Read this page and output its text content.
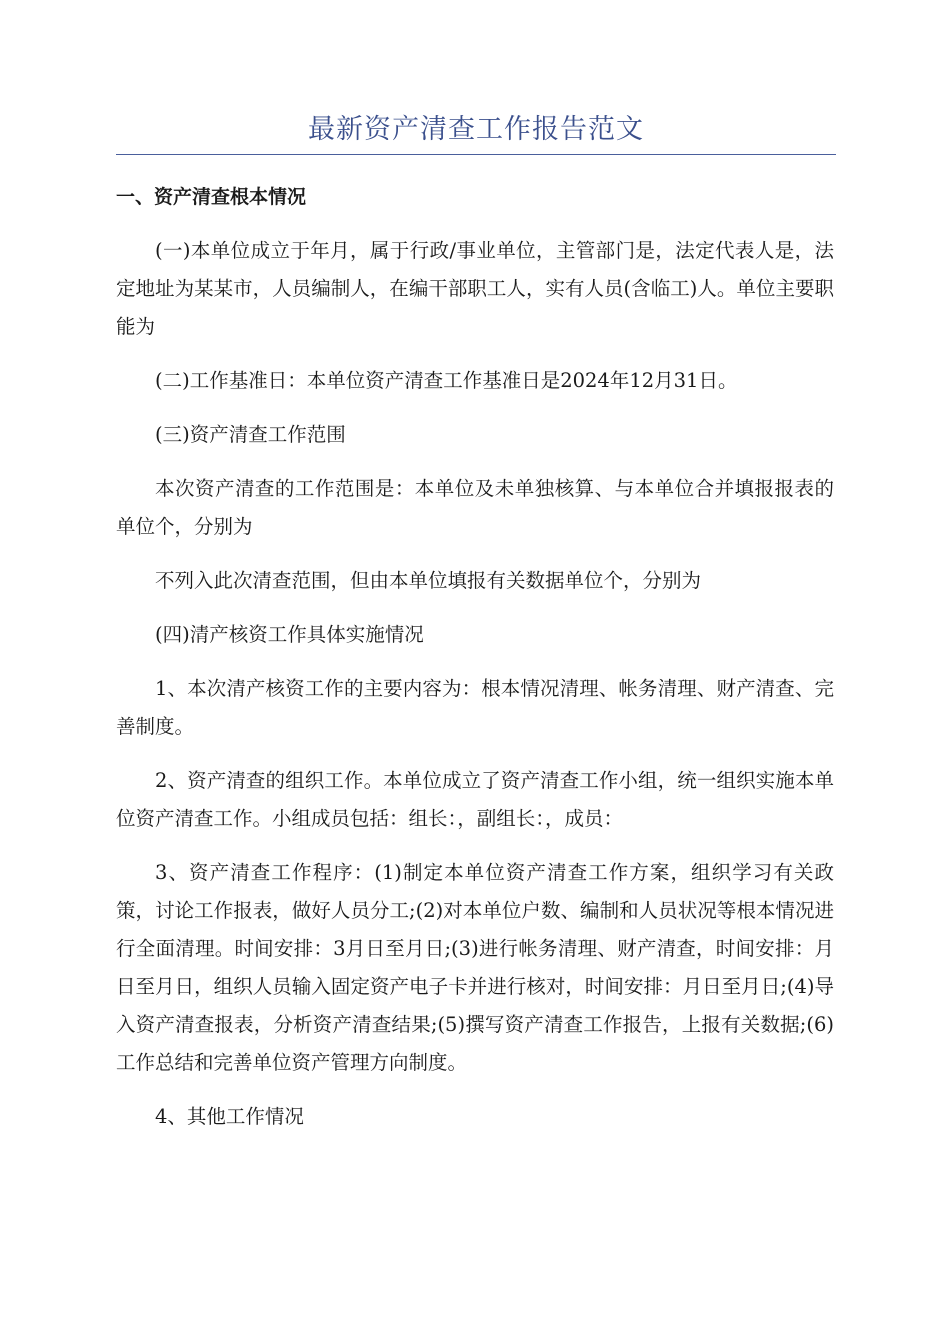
最新资产清查工作报告范文

一、资产清查根本情况

(一)本单位成立于年月，属于行政/事业单位，主管部门是，法定代表人是，法定地址为某某市，人员编制人，在编干部职工人，实有人员(含临工)人。单位主要职能为

(二)工作基准日：本单位资产清查工作基准日是2024年12月31日。

(三)资产清查工作范围

本次资产清查的工作范围是：本单位及未单独核算、与本单位合并填报报表的单位个，分别为

不列入此次清查范围，但由本单位填报有关数据单位个，分别为

(四)清产核资工作具体实施情况

1、本次清产核资工作的主要内容为：根本情况清理、帐务清理、财产清查、完善制度。

2、资产清查的组织工作。本单位成立了资产清查工作小组，统一组织实施本单位资产清查工作。小组成员包括：组长：，副组长：，成员：

3、资产清查工作程序：(1)制定本单位资产清查工作方案，组织学习有关政策，讨论工作报表，做好人员分工;(2)对本单位户数、编制和人员状况等根本情况进行全面清理。时间安排：3月日至月日;(3)进行帐务清理、财产清查，时间安排：月日至月日，组织人员输入固定资产电子卡并进行核对，时间安排：月日至月日;(4)导入资产清查报表，分析资产清查结果;(5)撰写资产清查工作报告，上报有关数据;(6)工作总结和完善单位资产管理方向制度。

4、其他工作情况
